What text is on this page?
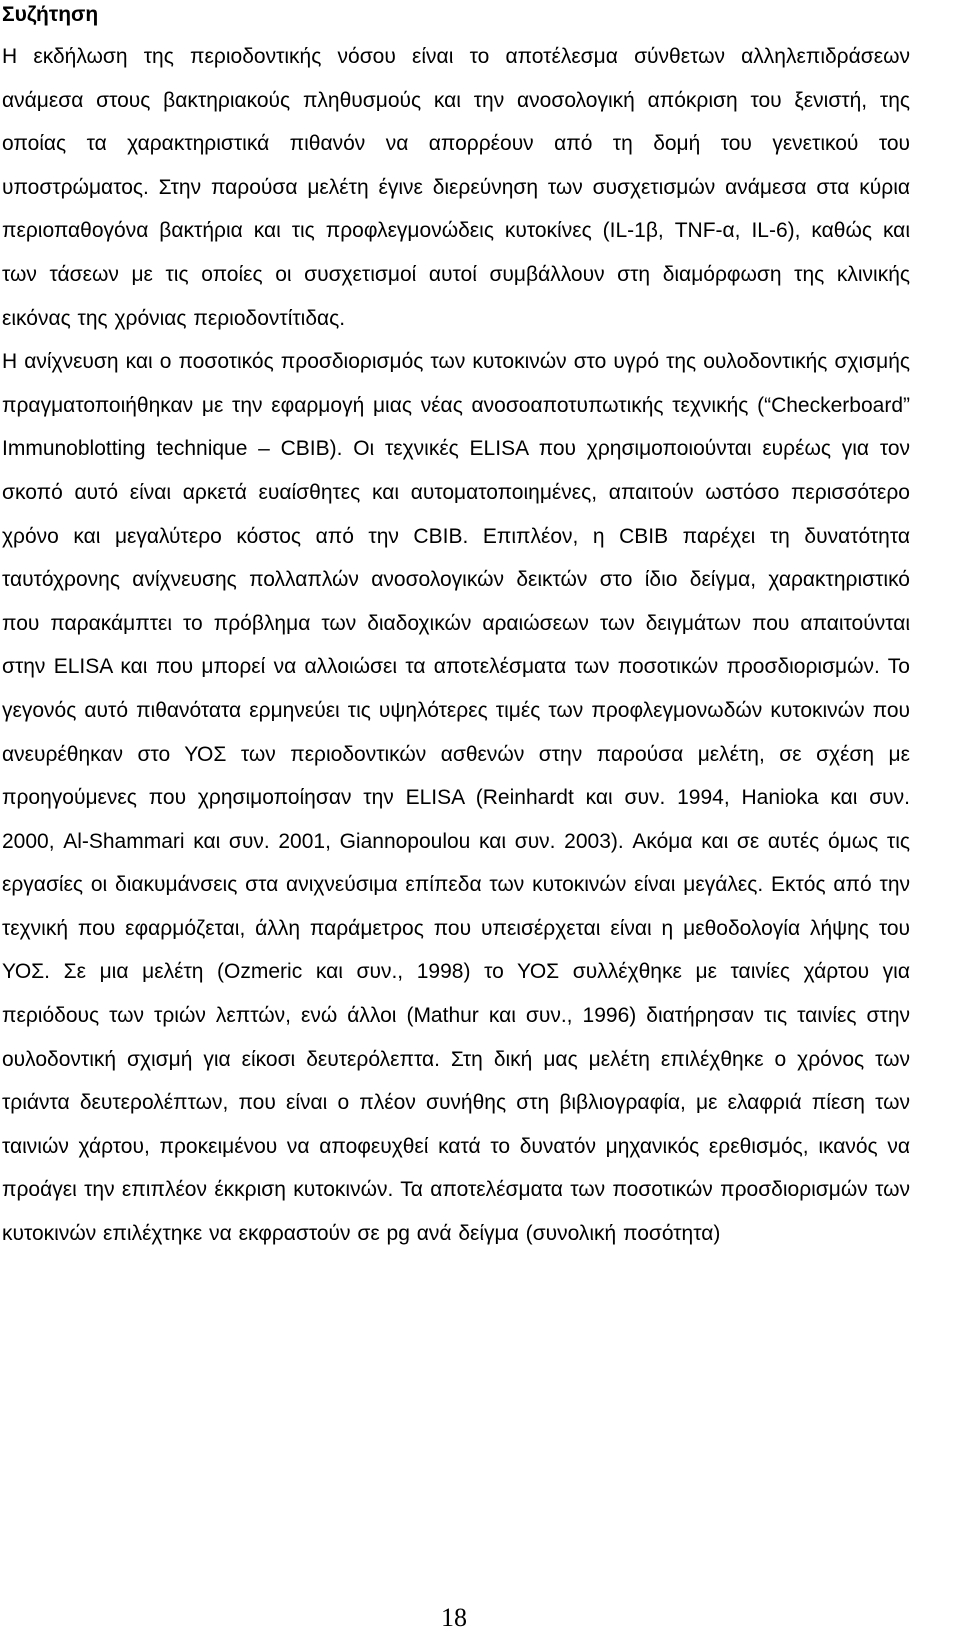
Συζήτηση

Η εκδήλωση της περιοδοντικής νόσου είναι το αποτέλεσμα σύνθετων αλληλεπιδράσεων ανάμεσα στους βακτηριακούς πληθυσμούς και την ανοσολογική απόκριση του ξενιστή, της οποίας τα χαρακτηριστικά πιθανόν να απορρέουν από τη δομή του γενετικού του υποστρώματος. Στην παρούσα μελέτη έγινε διερεύνηση των συσχετισμών ανάμεσα στα κύρια περιοπαθογόνα βακτήρια και τις προφλεγμονώδεις κυτοκίνες (IL-1β, TNF-α, IL-6), καθώς και των τάσεων με τις οποίες οι συσχετισμοί αυτοί συμβάλλουν στη διαμόρφωση της κλινικής εικόνας της χρόνιας περιοδοντίτιδας.

Η ανίχνευση και ο ποσοτικός προσδιορισμός των κυτοκινών στο υγρό της ουλοδοντικής σχισμής πραγματοποιήθηκαν με την εφαρμογή μιας νέας ανοσοαποτυπωτικής τεχνικής (“Checkerboard” Immunoblotting technique – CBIB). Οι τεχνικές ELISA που χρησιμοποιούνται ευρέως για τον σκοπό αυτό είναι αρκετά ευαίσθητες και αυτοματοποιημένες, απαιτούν ωστόσο περισσότερο χρόνο και μεγαλύτερο κόστος από την CBIB. Επιπλέον, η CBIB παρέχει τη δυνατότητα ταυτόχρονης ανίχνευσης πολλαπλών ανοσολογικών δεικτών στο ίδιο δείγμα, χαρακτηριστικό που παρακάμπτει το πρόβλημα των διαδοχικών αραιώσεων των δειγμάτων που απαιτούνται στην ELISA και που μπορεί να αλλοιώσει τα αποτελέσματα των ποσοτικών προσδιορισμών. Το γεγονός αυτό πιθανότατα ερμηνεύει τις υψηλότερες τιμές των προφλεγμονωδών κυτοκινών που ανευρέθηκαν στο ΥΟΣ των περιοδοντικών ασθενών στην παρούσα μελέτη, σε σχέση με προηγούμενες που χρησιμοποίησαν την ELISA (Reinhardt και συν. 1994, Hanioka και συν. 2000, Al-Shammari και συν. 2001, Giannopoulou και συν. 2003). Ακόμα και σε αυτές όμως τις εργασίες οι διακυμάνσεις στα ανιχνεύσιμα επίπεδα των κυτοκινών είναι μεγάλες. Εκτός από την τεχνική που εφαρμόζεται, άλλη παράμετρος που υπεισέρχεται είναι η μεθοδολογία λήψης του ΥΟΣ. Σε μια μελέτη (Ozmeric και συν., 1998) το ΥΟΣ συλλέχθηκε με ταινίες χάρτου για περιόδους των τριών λεπτών, ενώ άλλοι (Mathur και συν., 1996) διατήρησαν τις ταινίες στην ουλοδοντική σχισμή για είκοσι δευτερόλεπτα. Στη δική μας μελέτη επιλέχθηκε ο χρόνος των τριάντα δευτερολέπτων, που είναι ο πλέον συνήθης στη βιβλιογραφία, με ελαφριά πίεση των ταινιών χάρτου, προκειμένου να αποφευχθεί κατά το δυνατόν μηχανικός ερεθισμός, ικανός να προάγει την επιπλέον έκκριση κυτοκινών. Τα αποτελέσματα των ποσοτικών προσδιορισμών των κυτοκινών επιλέχτηκε να εκφραστούν σε pg ανά δείγμα (συνολική ποσότητα)

18
